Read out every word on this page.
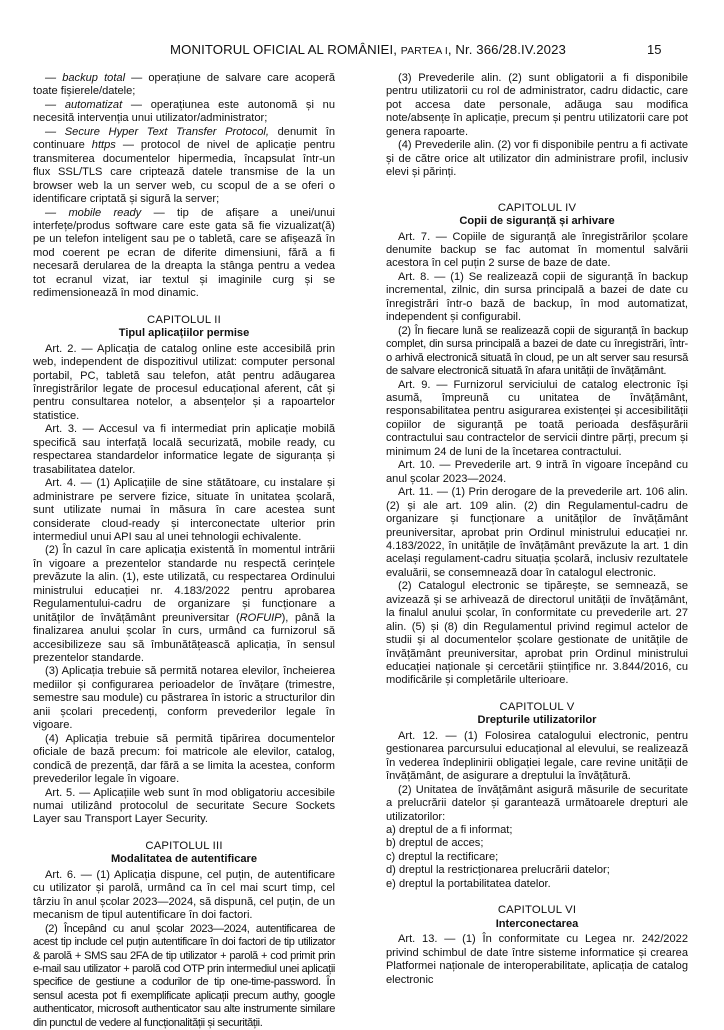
MONITORUL OFICIAL AL ROMÂNIEI, PARTEA I, Nr. 366/28.IV.2023	15

— backup total — operațiune de salvare care acoperă toate fișierele/datele;

— automatizat — operațiunea este autonomă și nu necesită intervenția unui utilizator/administrator;

— Secure Hyper Text Transfer Protocol, denumit în continuare https — protocol de nivel de aplicație pentru transmiterea documentelor hipermedia, încapsulat într-un flux SSL/TLS care criptează datele transmise de la un browser web la un server web, cu scopul de a se oferi o identificare criptată și sigură la server;

— mobile ready — tip de afișare a unei/unui interfețe/produs software care este gata să fie vizualizat(ă) pe un telefon inteligent sau pe o tabletă, care se afișează în mod coerent pe ecran de diferite dimensiuni, fără a fi necesară derularea de la dreapta la stânga pentru a vedea tot ecranul vizat, iar textul și imaginile curg și se redimensionează în mod dinamic.

CAPITOLUL II
Tipul aplicațiilor permise

Art. 2. — Aplicația de catalog online este accesibilă prin web, independent de dispozitivul utilizat: computer personal portabil, PC, tabletă sau telefon, atât pentru adăugarea înregistrărilor legate de procesul educațional aferent, cât și pentru consultarea notelor, a absențelor și a rapoartelor statistice.

Art. 3. — Accesul va fi intermediat prin aplicație mobilă specifică sau interfață locală securizată, mobile ready, cu respectarea standardelor informatice legate de siguranța și trasabilitatea datelor.

Art. 4. — (1) Aplicațiile de sine stătătoare, cu instalare și administrare pe servere fizice, situate în unitatea școlară, sunt utilizate numai în măsura în care acestea sunt considerate cloud-ready și interconectate ulterior prin intermediul unui API sau al unei tehnologii echivalente.

(2) În cazul în care aplicația existentă în momentul intrării în vigoare a prezentelor standarde nu respectă cerințele prevăzute la alin. (1), este utilizată, cu respectarea Ordinului ministrului educației nr. 4.183/2022 pentru aprobarea Regulamentului-cadru de organizare și funcționare a unităților de învățământ preuniversitar (ROFUIP), până la finalizarea anului școlar în curs, urmând ca furnizorul să accesibilizeze sau să îmbunătățească aplicația, în sensul prezentelor standarde.

(3) Aplicația trebuie să permită notarea elevilor, încheierea mediilor și configurarea perioadelor de învățare (trimestre, semestre sau module) cu păstrarea în istoric a structurilor din anii școlari precedenți, conform prevederilor legale în vigoare.

(4) Aplicația trebuie să permită tipărirea documentelor oficiale de bază precum: foi matricole ale elevilor, catalog, condică de prezență, dar fără a se limita la acestea, conform prevederilor legale în vigoare.

Art. 5. — Aplicațiile web sunt în mod obligatoriu accesibile numai utilizând protocolul de securitate Secure Sockets Layer sau Transport Layer Security.

CAPITOLUL III
Modalitatea de autentificare

Art. 6. — (1) Aplicația dispune, cel puțin, de autentificare cu utilizator și parolă, urmând ca în cel mai scurt timp, cel târziu în anul școlar 2023—2024, să dispună, cel puțin, de un mecanism de tipul autentificare în doi factori.

(2) Începând cu anul școlar 2023—2024, autentificarea de acest tip include cel puțin autentificare în doi factori de tip utilizator & parolă + SMS sau 2FA de tip utilizator + parolă + cod primit prin e-mail sau utilizator + parolă cod OTP prin intermediul unei aplicații specifice de gestiune a codurilor de tip one-time-password. În sensul acesta pot fi exemplificate aplicații precum authy, google authenticator, microsoft authenticator sau alte instrumente similare din punctul de vedere al funcționalității și securității.

(3) Prevederile alin. (2) sunt obligatorii a fi disponibile pentru utilizatorii cu rol de administrator, cadru didactic, care pot accesa date personale, adăuga sau modifica note/absențe în aplicație, precum și pentru utilizatorii care pot genera rapoarte.

(4) Prevederile alin. (2) vor fi disponibile pentru a fi activate și de către orice alt utilizator din administrare profil, inclusiv elevi și părinți.

CAPITOLUL IV
Copii de siguranță și arhivare

Art. 7. — Copiile de siguranță ale înregistrărilor școlare denumite backup se fac automat în momentul salvării acestora în cel puțin 2 surse de baze de date.

Art. 8. — (1) Se realizează copii de siguranță în backup incremental, zilnic, din sursa principală a bazei de date cu înregistrări într-o bază de backup, în mod automatizat, independent și configurabil.

(2) În fiecare lună se realizează copii de siguranță în backup complet, din sursa principală a bazei de date cu înregistrări, într-o arhivă electronică situată în cloud, pe un alt server sau resursă de salvare electronică situată în afara unității de învățământ.

Art. 9. — Furnizorul serviciului de catalog electronic își asumă, împreună cu unitatea de învățământ, responsabilitatea pentru asigurarea existenței și accesibilității copiilor de siguranță pe toată perioada desfășurării contractului sau contractelor de servicii dintre părți, precum și minimum 24 de luni de la încetarea contractului.

Art. 10. — Prevederile art. 9 intră în vigoare începând cu anul școlar 2023—2024.

Art. 11. — (1) Prin derogare de la prevederile art. 106 alin. (2) și ale art. 109 alin. (2) din Regulamentul-cadru de organizare și funcționare a unităților de învățământ preuniversitar, aprobat prin Ordinul ministrului educației nr. 4.183/2022, în unitățile de învățământ prevăzute la art. 1 din același regulament-cadru situația școlară, inclusiv rezultatele evaluării, se consemnează doar în catalogul electronic.

(2) Catalogul electronic se tipărește, se semnează, se avizează și se arhivează de directorul unității de învățământ, la finalul anului școlar, în conformitate cu prevederile art. 27 alin. (5) și (8) din Regulamentul privind regimul actelor de studii și al documentelor școlare gestionate de unitățile de învățământ preuniversitar, aprobat prin Ordinul ministrului educației naționale și cercetării științifice nr. 3.844/2016, cu modificările și completările ulterioare.

CAPITOLUL V
Drepturile utilizatorilor

Art. 12. — (1) Folosirea catalogului electronic, pentru gestionarea parcursului educațional al elevului, se realizează în vederea îndeplinirii obligației legale, care revine unității de învățământ, de asigurare a dreptului la învățătură.

(2) Unitatea de învățământ asigură măsurile de securitate a prelucrării datelor și garantează următoarele drepturi ale utilizatorilor:

a) dreptul de a fi informat;

b) dreptul de acces;

c) dreptul la rectificare;

d) dreptul la restricționarea prelucrării datelor;

e) dreptul la portabilitatea datelor.

CAPITOLUL VI
Interconectarea

Art. 13. — (1) În conformitate cu Legea nr. 242/2022 privind schimbul de date între sisteme informatice și crearea Platformei naționale de interoperabilitate, aplicația de catalog electronic
